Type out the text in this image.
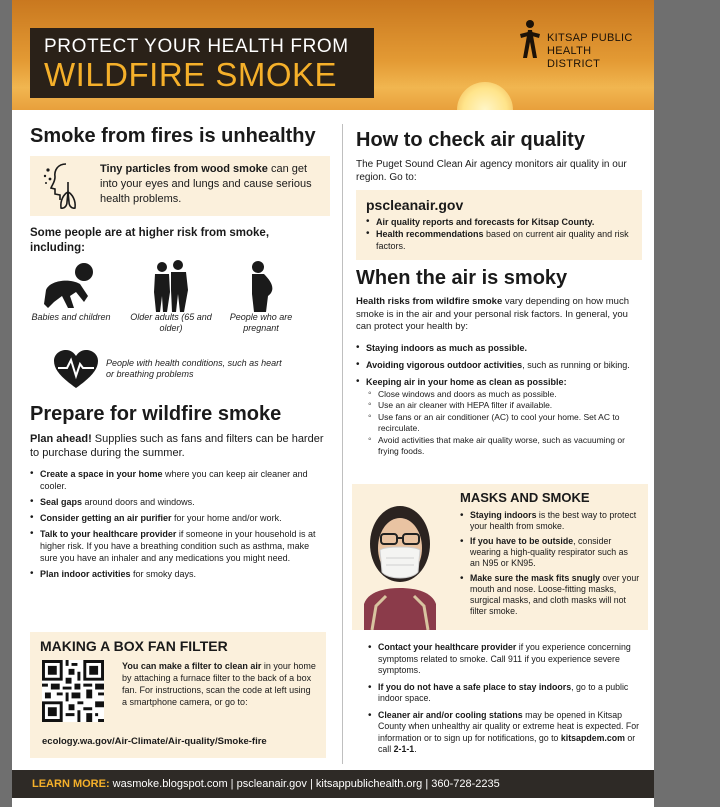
PROTECT YOUR HEALTH FROM
WILDFIRE SMOKE
KITSAP PUBLIC
HEALTH DISTRICT
Smoke from fires is unhealthy
Tiny particles from wood smoke can get into your eyes and lungs and cause serious health problems.
Some people are at higher risk from smoke, including:
Babies and children Older adults (65 and older)
People who are pregnant
People with health conditions, such as heart or breathing problems
Prepare for wildfire smoke
Plan ahead! Supplies such as fans and filters can be harder to purchase during the summer.
• Create a space in your home where you can keep air cleaner and cooler.
• Seal gaps around doors and windows.
• Consider getting an air purifier for your home and/or work.
• Talk to your healthcare provider if someone in your household is at higher risk. If you have a breathing condition such as asthma, make sure you have an inhaler and any medications you might need.
• Plan indoor activities for smoky days.
MAKING A BOX FAN FILTER
You can make a filter to clean air in your home by attaching a furnace filter to the back of a box fan. For instructions, scan the code at left using a smartphone camera, or go to:
ecology.wa.gov/Air-Climate/Air-quality/Smoke-fire
How to check air quality
The Puget Sound Clean Air agency monitors air quality in our region. Go to:
pscleanair.gov
• Air quality reports and forecasts for Kitsap County.
• Health recommendations based on current air quality and risk factors.
When the air is smoky
Health risks from wildfire smoke vary depending on how much smoke is in the air and your personal risk factors. In general, you can protect your health by:
• Staying indoors as much as possible.
• Avoiding vigorous outdoor activities, such as running or biking.
• Keeping air in your home as clean as possible:
◦ Close windows and doors as much as possible.
◦ Use an air cleaner with HEPA filter if available.
◦ Use fans or an air conditioner (AC) to cool your home. Set AC to recirculate.
◦ Avoid activities that make air quality worse, such as vacuuming or frying foods.
MASKS AND SMOKE
• Staying indoors is the best way to protect your health from smoke.
• If you have to be outside, consider wearing a high-quality respirator such as an N95 or KN95.
• Make sure the mask fits snugly over your mouth and nose. Loose-fitting masks, surgical masks, and cloth masks will not filter smoke.
• Contact your healthcare provider if you experience concerning symptoms related to smoke. Call 911 if you experience severe symptoms.
• If you do not have a safe place to stay indoors, go to a public indoor space.
• Cleaner air and/or cooling stations may be opened in Kitsap County when unhealthy air quality or extreme heat is expected. For information or to sign up for notifications, go to kitsapdem.com or call 2-1-1.
LEARN MORE: wasmoke.blogspot.com | pscleanair.gov | kitsappublichealth.org | 360-728-2235
